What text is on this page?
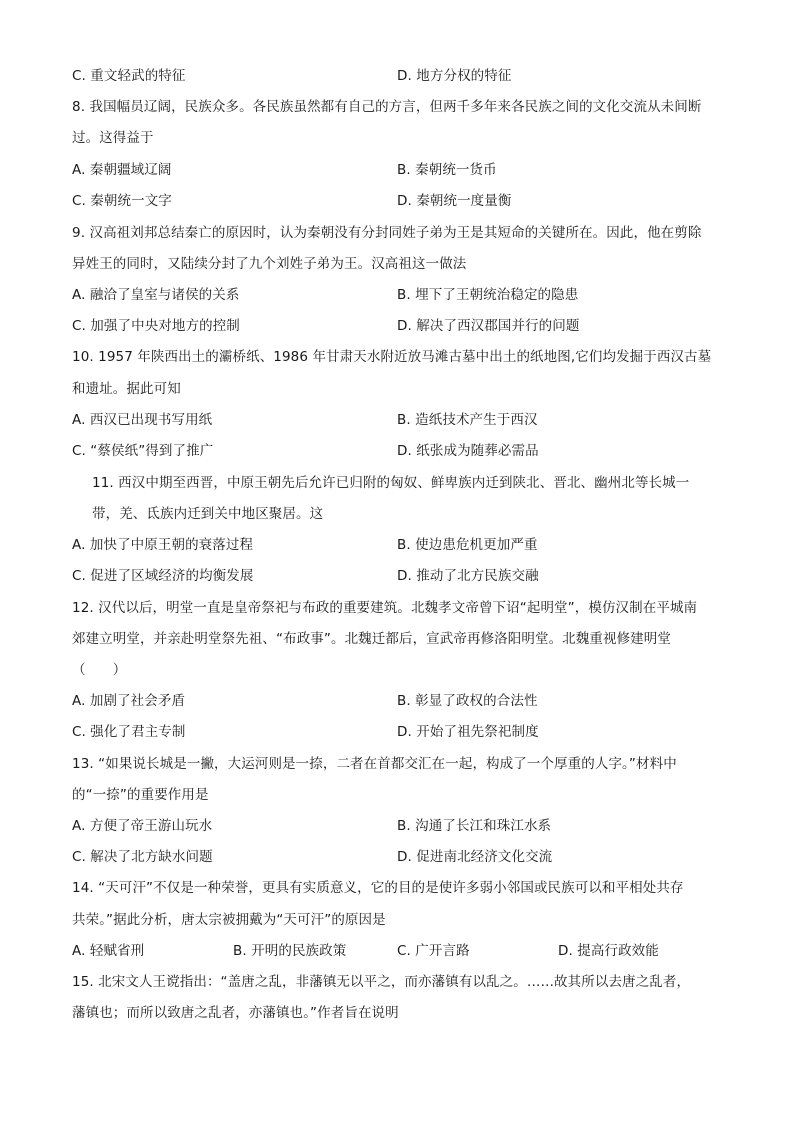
C. 重文轻武的特征	D. 地方分权的特征
8. 我国幅员辽阔，民族众多。各民族虽然都有自己的方言，但两千多年来各民族之间的文化交流从未间断
过。这得益于
A. 秦朝疆域辽阔	B. 秦朝统一货币
C. 秦朝统一文字	D. 秦朝统一度量衡
9. 汉高祖刘邦总结秦亡的原因时，认为秦朝没有分封同姓子弟为王是其短命的关键所在。因此，他在剪除
异姓王的同时，又陆续分封了九个刘姓子弟为王。汉高祖这一做法
A. 融洽了皇室与诸侯的关系	B. 埋下了王朝统治稳定的隐患
C. 加强了中央对地方的控制	D. 解决了西汉郡国并行的问题
10. 1957 年陕西出土的灞桥纸、1986 年甘肃天水附近放马滩古墓中出土的纸地图,它们均发掘于西汉古墓
和遗址。据此可知
A. 西汉已出现书写用纸	B. 造纸技术产生于西汉
C. “蔡侯纸”得到了推广	D. 纸张成为随葬必需品
11. 西汉中期至西晋，中原王朝先后允许已归附的匈奴、鲜卑族内迁到陕北、晋北、幽州北等长城一
带，羌、氐族内迁到关中地区聚居。这
A. 加快了中原王朝的衰落过程	B. 使边患危机更加严重
C. 促进了区域经济的均衡发展	D. 推动了北方民族交融
12. 汉代以后，明堂一直是皇帝祭祀与布政的重要建筑。北魏孝文帝曾下诏“起明堂”，模仿汉制在平城南
郊建立明堂，并亲赴明堂祭先祖、“布政事”。北魏迁都后，宣武帝再修洛阳明堂。北魏重视修建明堂
（　　）
A. 加剧了社会矛盾	B. 彰显了政权的合法性
C. 强化了君主专制	D. 开始了祖先祭祀制度
13. “如果说长城是一撇，大运河则是一捺，二者在首都交汇在一起，构成了一个厚重的人字。”材料中
的“一捺”的重要作用是
A. 方便了帝王游山玩水	B. 沟通了长江和珠江水系
C. 解决了北方缺水问题	D. 促进南北经济文化交流
14. “天可汗”不仅是一种荣誉，更具有实质意义，它的目的是使许多弱小邻国或民族可以和平相处共存
共荣。”据此分析，唐太宗被拥戴为“天可汗”的原因是
A. 轻赋省刑	B. 开明的民族政策	C. 广开言路	D. 提高行政效能
15. 北宋文人王谠指出：“盖唐之乱，非藩镇无以平之，而亦藩镇有以乱之。……故其所以去唐之乱者，
藩镇也；而所以致唐之乱者，亦藩镇也。”作者旨在说明
